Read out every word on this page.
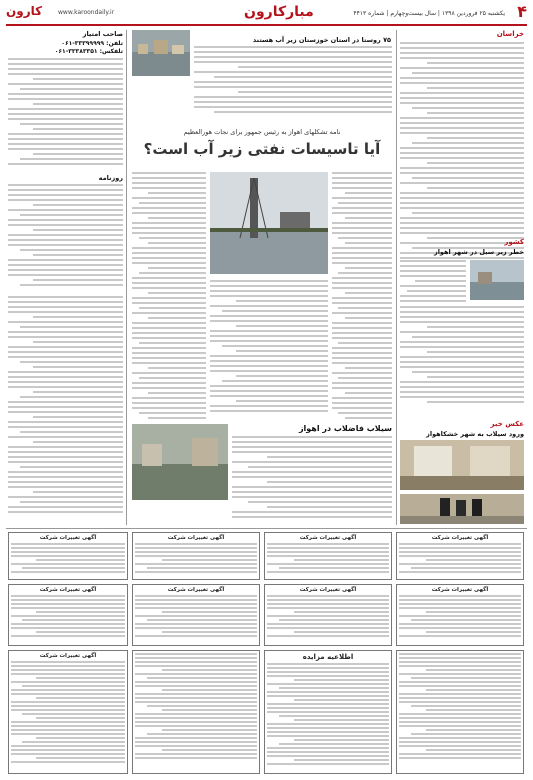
کارون	www.karoondaily.ir	مبارکارون	یکشنبه ۲۵ فروردین ۱۳۹۸ | سال بیست‌وچهارم | شماره ۴۴۱۳ ۴
صاحب امتیاز
تلفن: ۳۳۳۹۹۹۹۹-۰۶۱
تلفکس: ۳۳۳۸۳۳۵۱-۰۶۱
روزنامه
۷۵ روستا در استان خوزستان زیر آب هستند
نامه تشکلهای اهواز به رئیس جمهور برای نجات هورالعظیم
آیا تاسیسات نفتی زیر آب است؟
سیلاب فاضلاب در اهواز
خراسان
کشور
خطر زیر سیل در شهر اهواز
عکس خبر
ورود سیلاب به شهر خشکاهواز
آگهی تغییرات شرکت	آگهی تغییرات شرکت	آگهی تغییرات شرکت	آگهی تغییرات شرکت
آگهی تغییرات شرکت	آگهی تغییرات شرکت	آگهی تغییرات شرکت	آگهی تغییرات شرکت
آگهی تغییرات شرکت	اطلاعیه مزایده
